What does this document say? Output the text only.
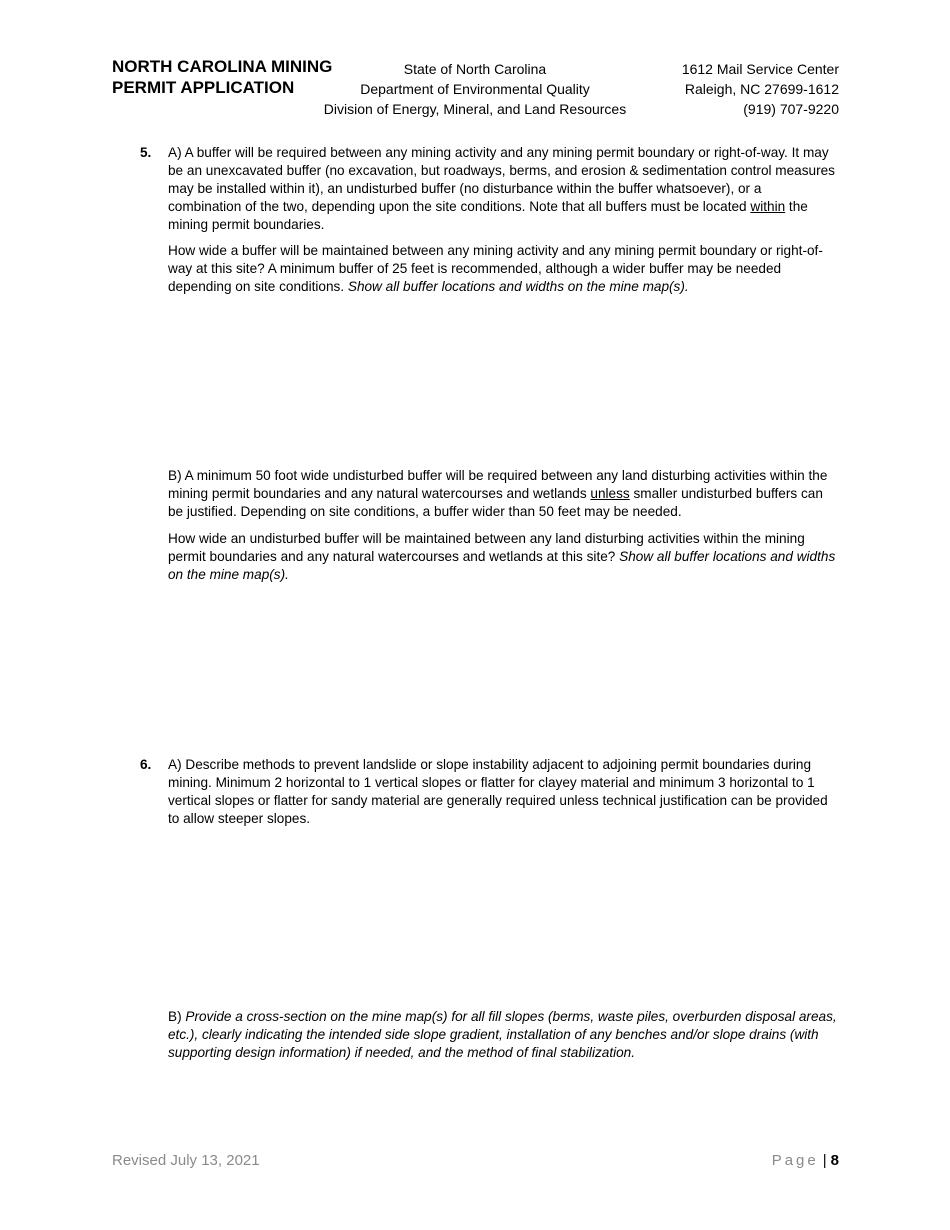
NORTH CAROLINA MINING
PERMIT APPLICATION
State of North Carolina
Department of Environmental Quality
Division of Energy, Mineral, and Land Resources
1612 Mail Service Center
Raleigh, NC 27699-1612
(919) 707-9220
5. A) A buffer will be required between any mining activity and any mining permit boundary or right-of-way. It may be an unexcavated buffer (no excavation, but roadways, berms, and erosion & sedimentation control measures may be installed within it), an undisturbed buffer (no disturbance within the buffer whatsoever), or a combination of the two, depending upon the site conditions. Note that all buffers must be located within the mining permit boundaries.
How wide a buffer will be maintained between any mining activity and any mining permit boundary or right-of-way at this site? A minimum buffer of 25 feet is recommended, although a wider buffer may be needed depending on site conditions. Show all buffer locations and widths on the mine map(s).
B) A minimum 50 foot wide undisturbed buffer will be required between any land disturbing activities within the mining permit boundaries and any natural watercourses and wetlands unless smaller undisturbed buffers can be justified. Depending on site conditions, a buffer wider than 50 feet may be needed.
How wide an undisturbed buffer will be maintained between any land disturbing activities within the mining permit boundaries and any natural watercourses and wetlands at this site? Show all buffer locations and widths on the mine map(s).
6. A) Describe methods to prevent landslide or slope instability adjacent to adjoining permit boundaries during mining. Minimum 2 horizontal to 1 vertical slopes or flatter for clayey material and minimum 3 horizontal to 1 vertical slopes or flatter for sandy material are generally required unless technical justification can be provided to allow steeper slopes.
B) Provide a cross-section on the mine map(s) for all fill slopes (berms, waste piles, overburden disposal areas, etc.), clearly indicating the intended side slope gradient, installation of any benches and/or slope drains (with supporting design information) if needed, and the method of final stabilization.
Revised July 13, 2021	Page | 8
